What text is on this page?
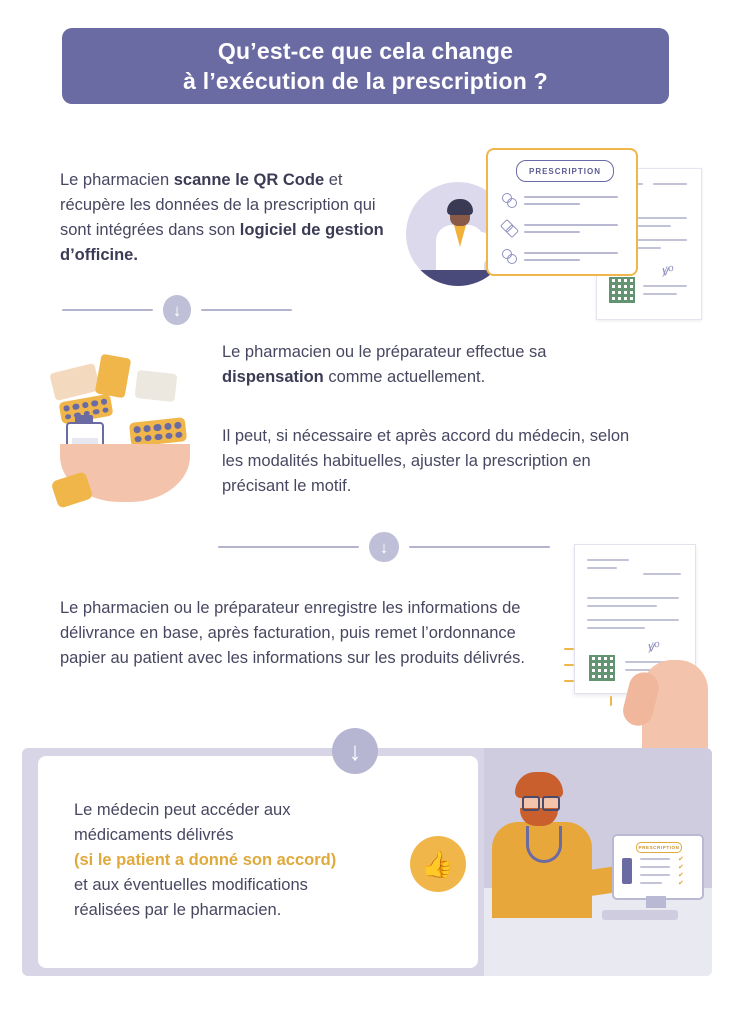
Qu’est-ce que cela change
à l’exécution de la prescription ?
Le pharmacien scanne le QR Code et récupère les données de la prescription qui sont intégrées dans son logiciel de gestion d’officine.
ꝟᵒ
PRESCRIPTION
↓
Le pharmacien ou le préparateur effectue sa dispensation comme actuellement.
Il peut, si nécessaire et après accord du médecin, selon les modalités habituelles, ajuster la prescription en précisant le motif.
↓
Le pharmacien ou le préparateur enregistre les informations de délivrance en base, après facturation, puis remet l’ordonnance papier au patient avec les informations sur les produits délivrés.
ꝟᵒ
↓
Le médecin peut accéder aux
médicaments délivrés
(si le patient a donné son accord)
et aux éventuelles modifications
réalisées par le pharmacien.
👍
PRESCRIPTION
✔
✔
✔
✔
